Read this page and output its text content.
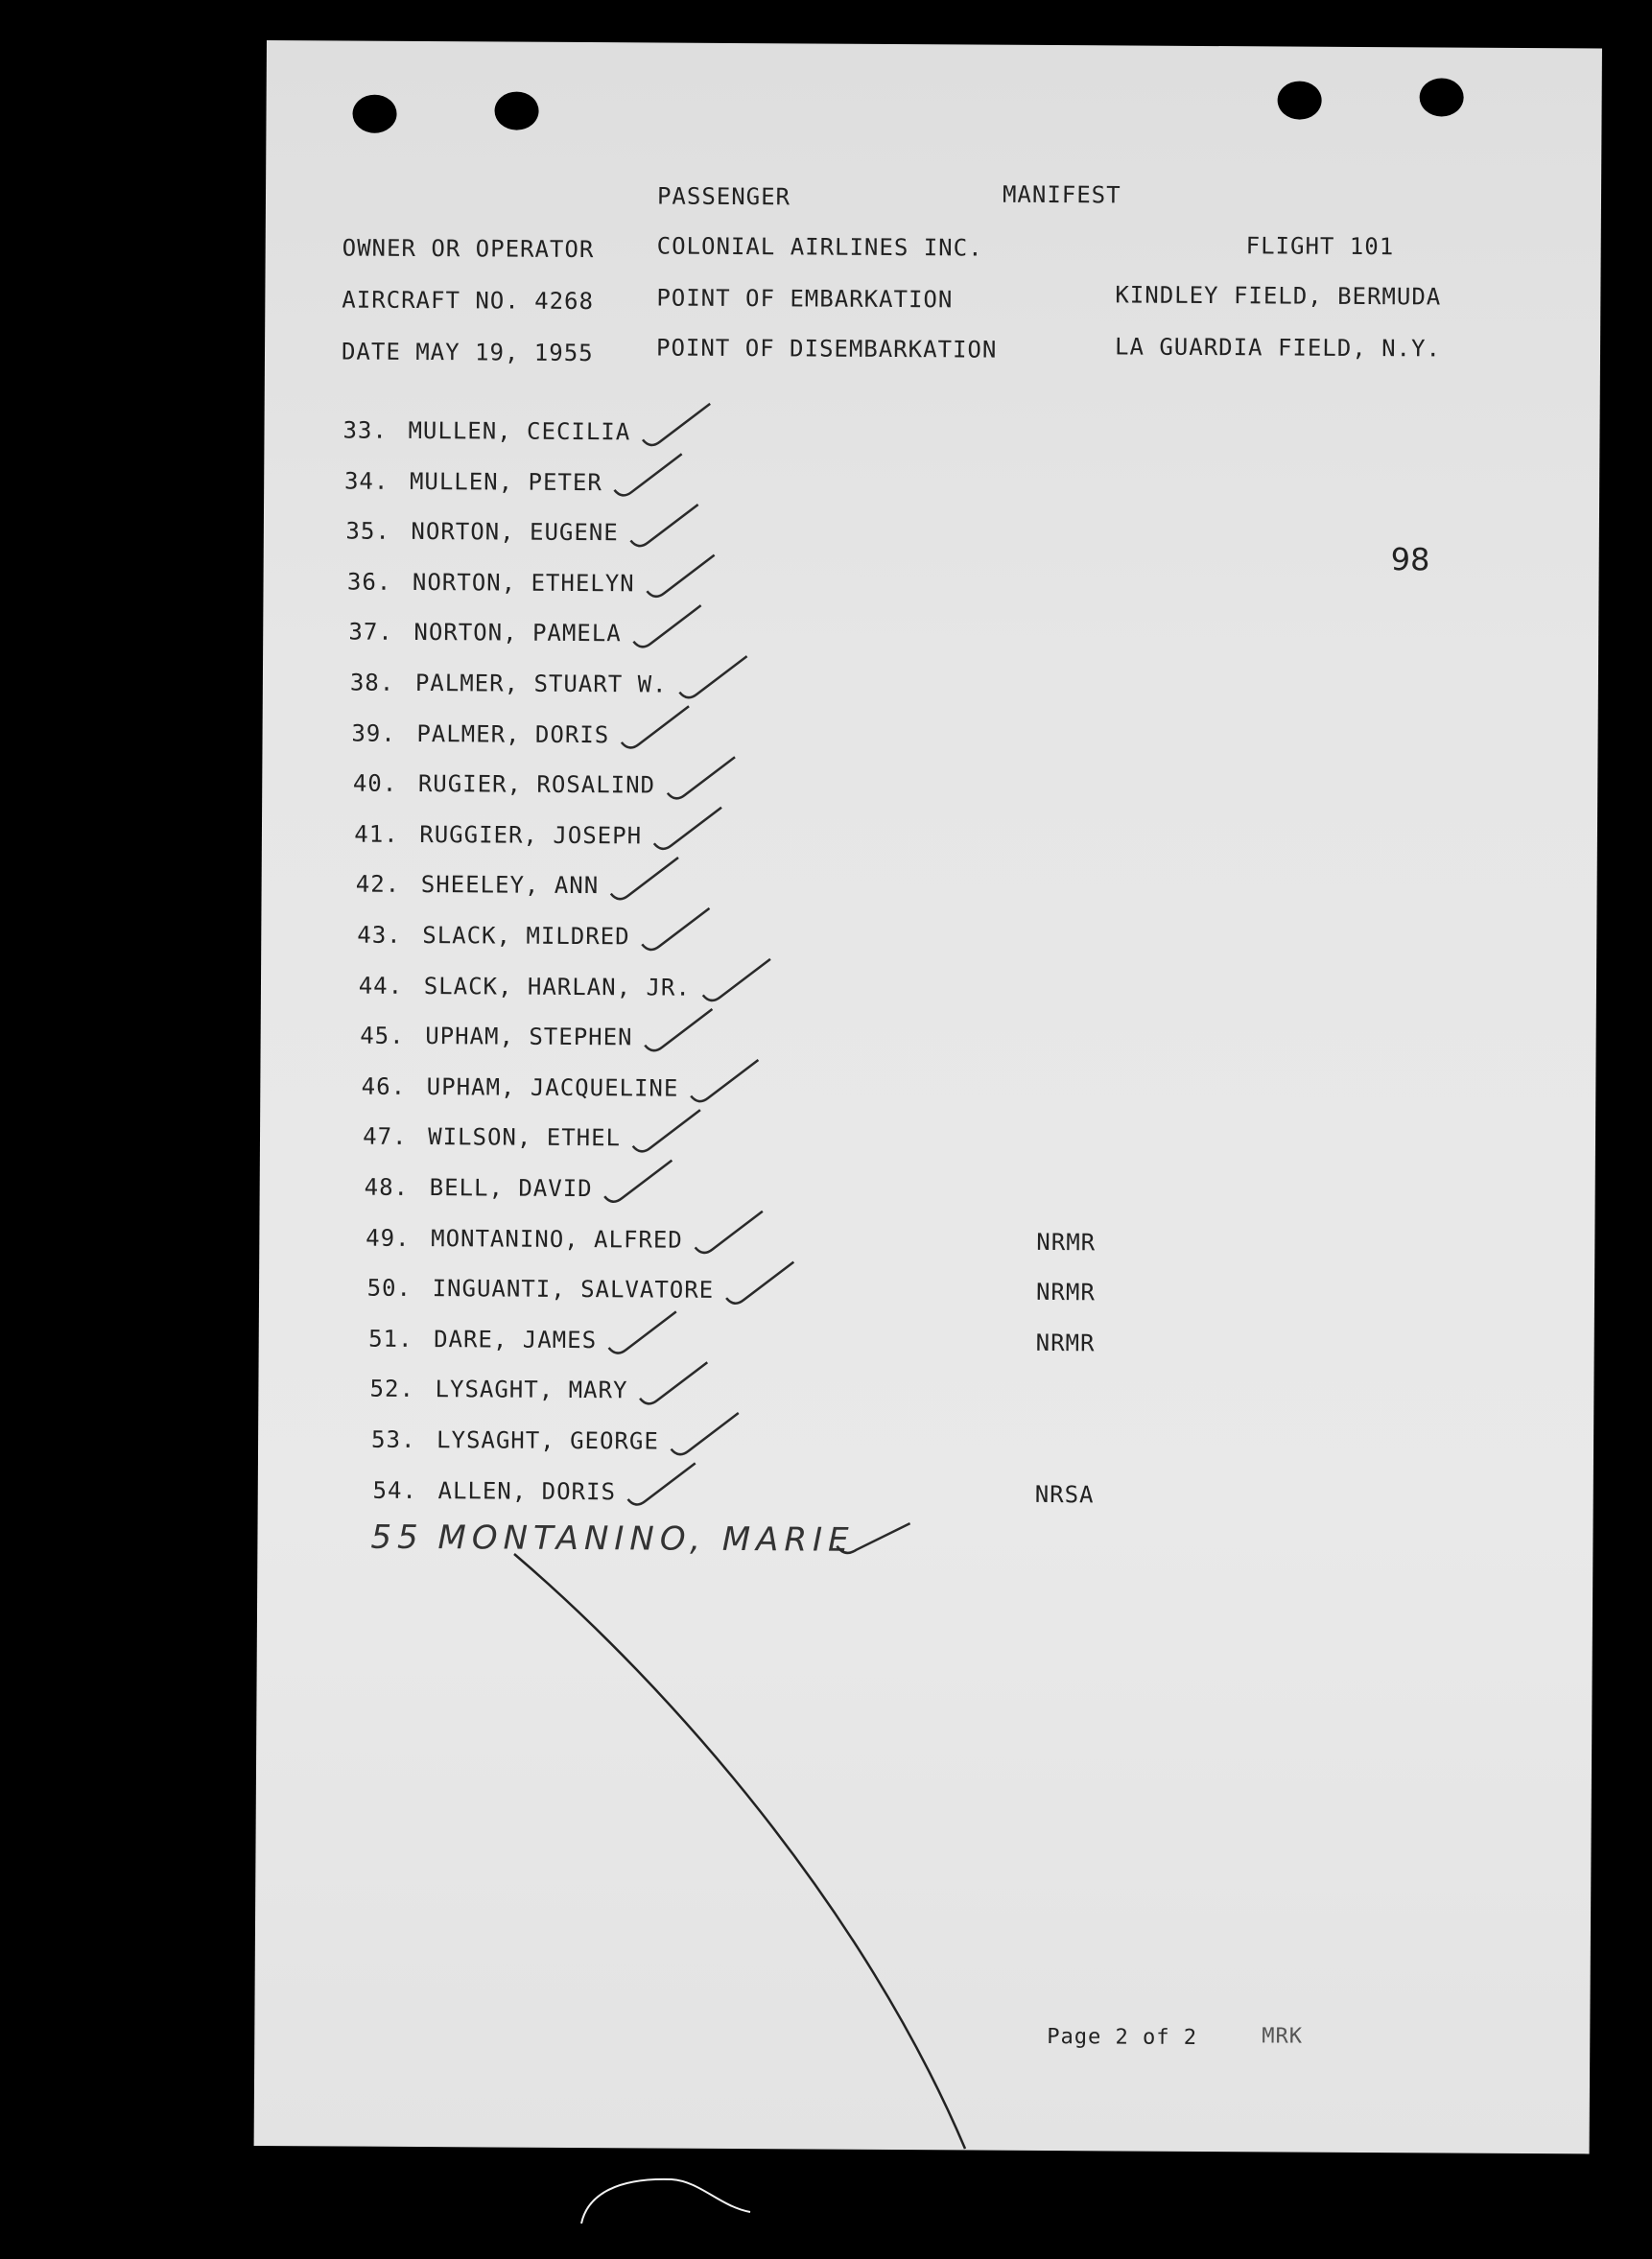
PASSENGER	MANIFEST
OWNER OR OPERATOR	COLONIAL AIRLINES INC.	FLIGHT 101
AIRCRAFT NO. 4268	POINT OF EMBARKATION	KINDLEY FIELD, BERMUDA
DATE MAY 19, 1955	POINT OF DISEMBARKATION	LA GUARDIA FIELD, N.Y.
98
33. MULLEN, CECILIA
34. MULLEN, PETER
35. NORTON, EUGENE
36. NORTON, ETHELYN
37. NORTON, PAMELA
38. PALMER, STUART W.
39. PALMER, DORIS
40. RUGIER, ROSALIND
41. RUGGIER, JOSEPH
42. SHEELEY, ANN
43. SLACK, MILDRED
44. SLACK, HARLAN, JR.
45. UPHAM, STEPHEN
46. UPHAM, JACQUELINE
47. WILSON, ETHEL
48. BELL, DAVID
49. MONTANINO, ALFRED	NRMR
50. INGUANTI, SALVATORE	NRMR
51. DARE, JAMES	NRMR
52. LYSAGHT, MARY
53. LYSAGHT, GEORGE
54. ALLEN, DORIS	NRSA
55 MONTANINO, MARIE
Page 2 of 2	MRK
